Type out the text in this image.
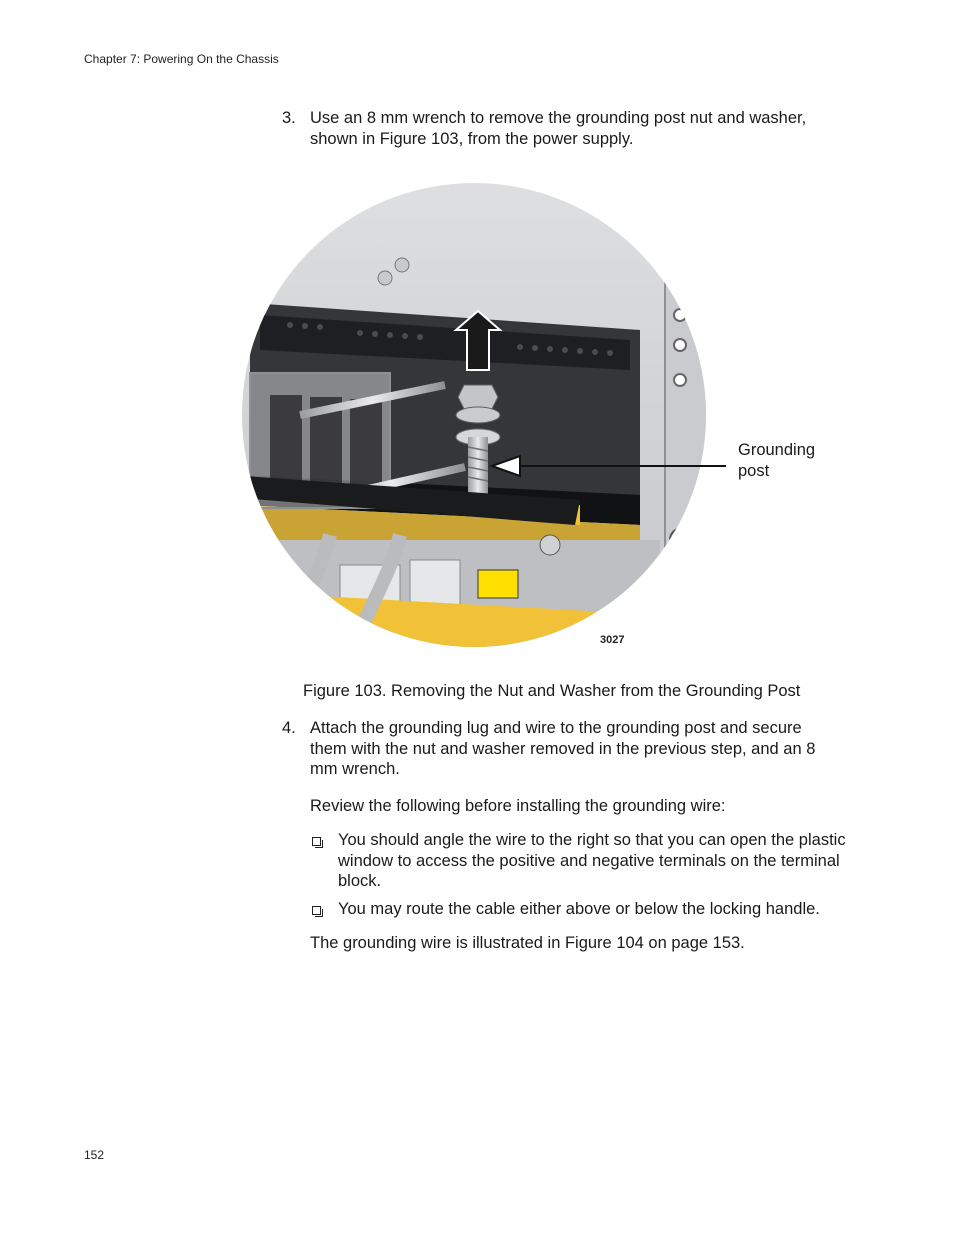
Chapter 7: Powering On the Chassis
3. Use an 8 mm wrench to remove the grounding post nut and washer, shown in Figure 103, from the power supply.
Grounding post
3027
Figure 103. Removing the Nut and Washer from the Grounding Post
4. Attach the grounding lug and wire to the grounding post and secure them with the nut and washer removed in the previous step, and an 8 mm wrench.
Review the following before installing the grounding wire:
You should angle the wire to the right so that you can open the plastic window to access the positive and negative terminals on the terminal block.
You may route the cable either above or below the locking handle.
The grounding wire is illustrated in Figure 104 on page 153.
152
